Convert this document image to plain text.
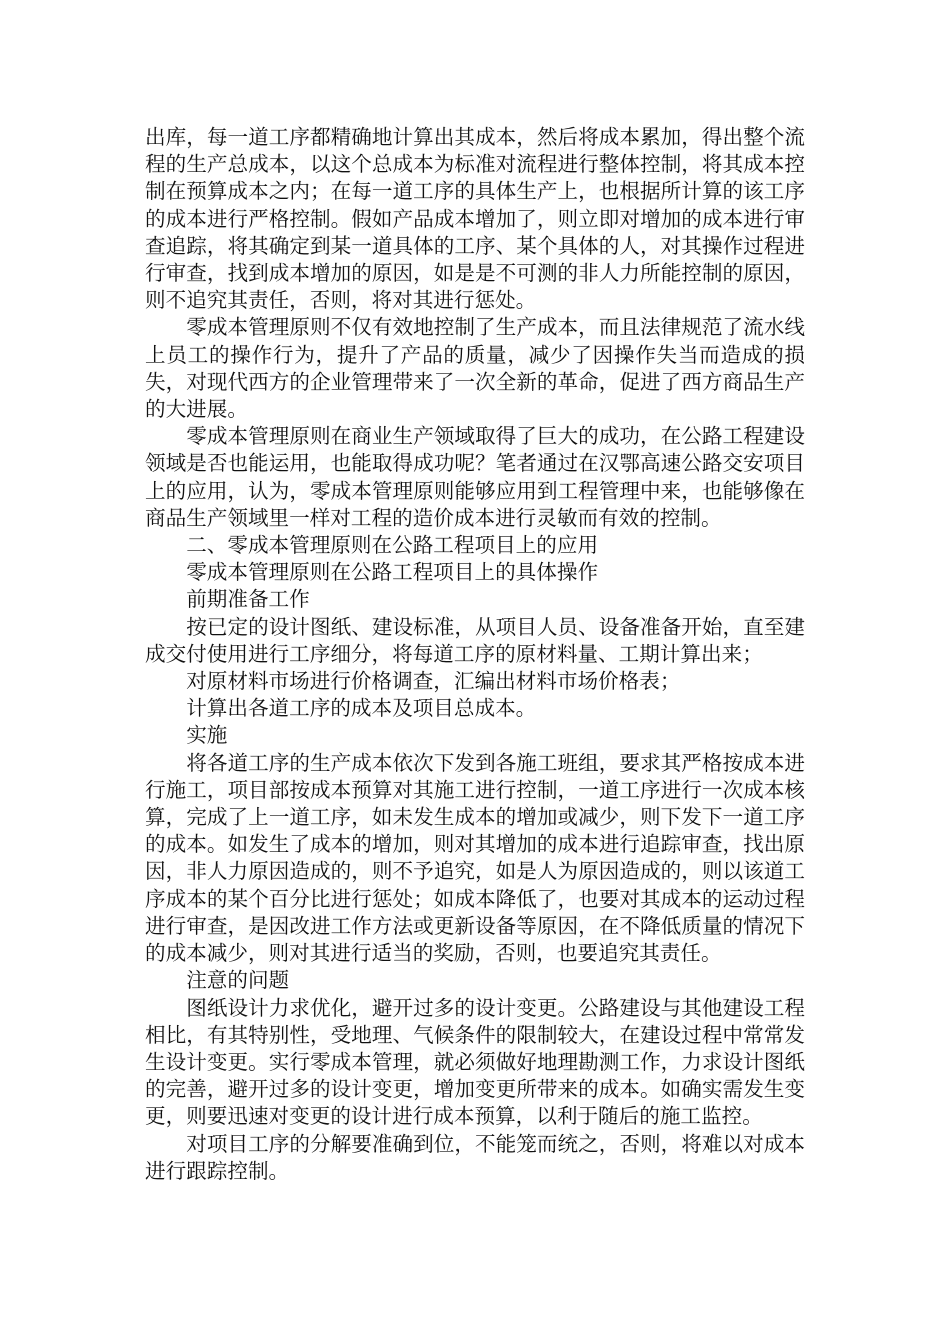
出库，每一道工序都精确地计算出其成本，然后将成本累加，得出整个流程的生产总成本，以这个总成本为标准对流程进行整体控制，将其成本控制在预算成本之内；在每一道工序的具体生产上，也根据所计算的该工序的成本进行严格控制。假如产品成本增加了，则立即对增加的成本进行审查追踪，将其确定到某一道具体的工序、某个具体的人，对其操作过程进行审查，找到成本增加的原因，如是是不可测的非人力所能控制的原因，则不追究其责任，否则，将对其进行惩处。

零成本管理原则不仅有效地控制了生产成本，而且法律规范了流水线上员工的操作行为，提升了产品的质量，减少了因操作失当而造成的损失，对现代西方的企业管理带来了一次全新的革命，促进了西方商品生产的大进展。

零成本管理原则在商业生产领域取得了巨大的成功，在公路工程建设领域是否也能运用，也能取得成功呢？笔者通过在汉鄂高速公路交安项目上的应用，认为，零成本管理原则能够应用到工程管理中来，也能够像在商品生产领域里一样对工程的造价成本进行灵敏而有效的控制。

二、零成本管理原则在公路工程项目上的应用

零成本管理原则在公路工程项目上的具体操作

前期准备工作

按已定的设计图纸、建设标准，从项目人员、设备准备开始，直至建成交付使用进行工序细分，将每道工序的原材料量、工期计算出来；

对原材料市场进行价格调查，汇编出材料市场价格表；

计算出各道工序的成本及项目总成本。

实施

将各道工序的生产成本依次下发到各施工班组，要求其严格按成本进行施工，项目部按成本预算对其施工进行控制，一道工序进行一次成本核算，完成了上一道工序，如未发生成本的增加或减少，则下发下一道工序的成本。如发生了成本的增加，则对其增加的成本进行追踪审查，找出原因，非人力原因造成的，则不予追究，如是人为原因造成的，则以该道工序成本的某个百分比进行惩处；如成本降低了，也要对其成本的运动过程进行审查，是因改进工作方法或更新设备等原因，在不降低质量的情况下的成本减少，则对其进行适当的奖励，否则，也要追究其责任。

注意的问题

图纸设计力求优化，避开过多的设计变更。公路建设与其他建设工程相比，有其特别性，受地理、气候条件的限制较大，在建设过程中常常发生设计变更。实行零成本管理，就必须做好地理勘测工作，力求设计图纸的完善，避开过多的设计变更，增加变更所带来的成本。如确实需发生变更，则要迅速对变更的设计进行成本预算，以利于随后的施工监控。

对项目工序的分解要准确到位，不能笼而统之，否则，将难以对成本进行跟踪控制。
